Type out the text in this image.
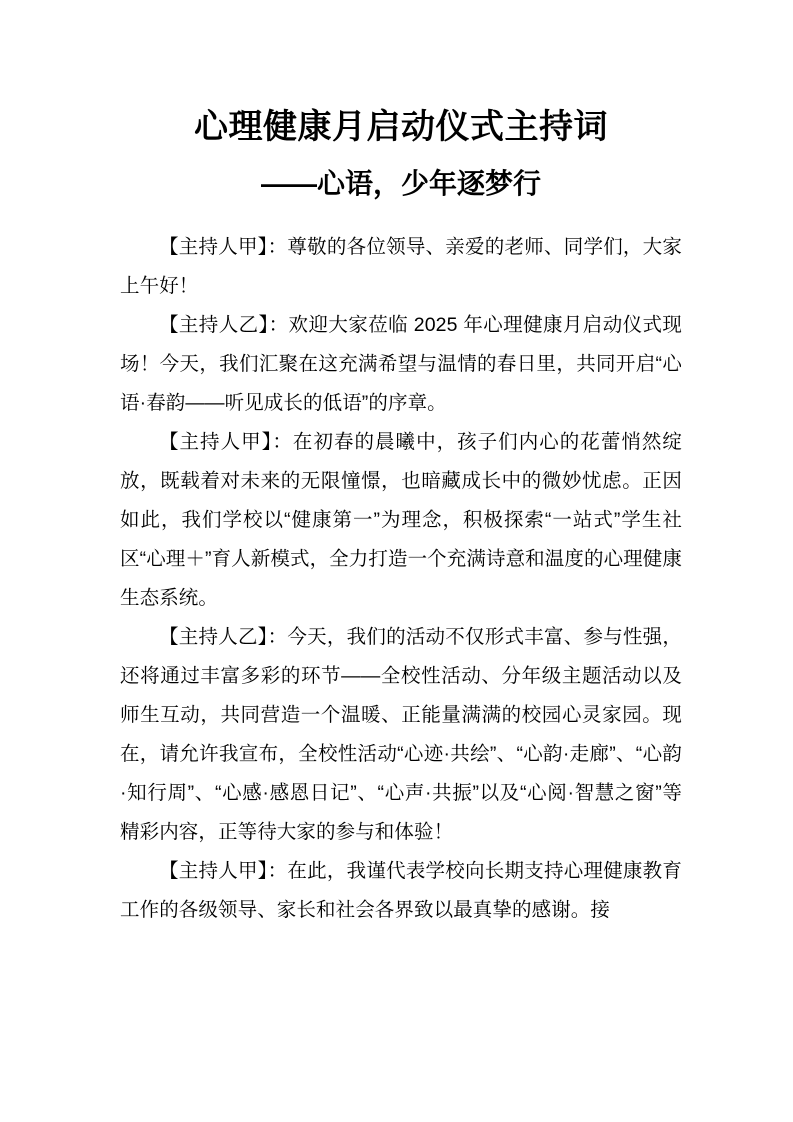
心理健康月启动仪式主持词
——心语，少年逐梦行

【主持人甲】：尊敬的各位领导、亲爱的老师、同学们，大家上午好！

【主持人乙】：欢迎大家莅临 2025 年心理健康月启动仪式现场！今天，我们汇聚在这充满希望与温情的春日里，共同开启“心语·春韵——听见成长的低语”的序章。

【主持人甲】：在初春的晨曦中，孩子们内心的花蕾悄然绽放，既载着对未来的无限憧憬，也暗藏成长中的微妙忧虑。正因如此，我们学校以“健康第一”为理念，积极探索“一站式”学生社区“心理＋”育人新模式，全力打造一个充满诗意和温度的心理健康生态系统。

【主持人乙】：今天，我们的活动不仅形式丰富、参与性强，还将通过丰富多彩的环节——全校性活动、分年级主题活动以及师生互动，共同营造一个温暖、正能量满满的校园心灵家园。现在，请允许我宣布，全校性活动“心迹·共绘”、“心韵·走廊”、“心韵·知行周”、“心感·感恩日记”、“心声·共振”以及“心阅·智慧之窗”等精彩内容，正等待大家的参与和体验！

【主持人甲】：在此，我谨代表学校向长期支持心理健康教育工作的各级领导、家长和社会各界致以最真挚的感谢。接
